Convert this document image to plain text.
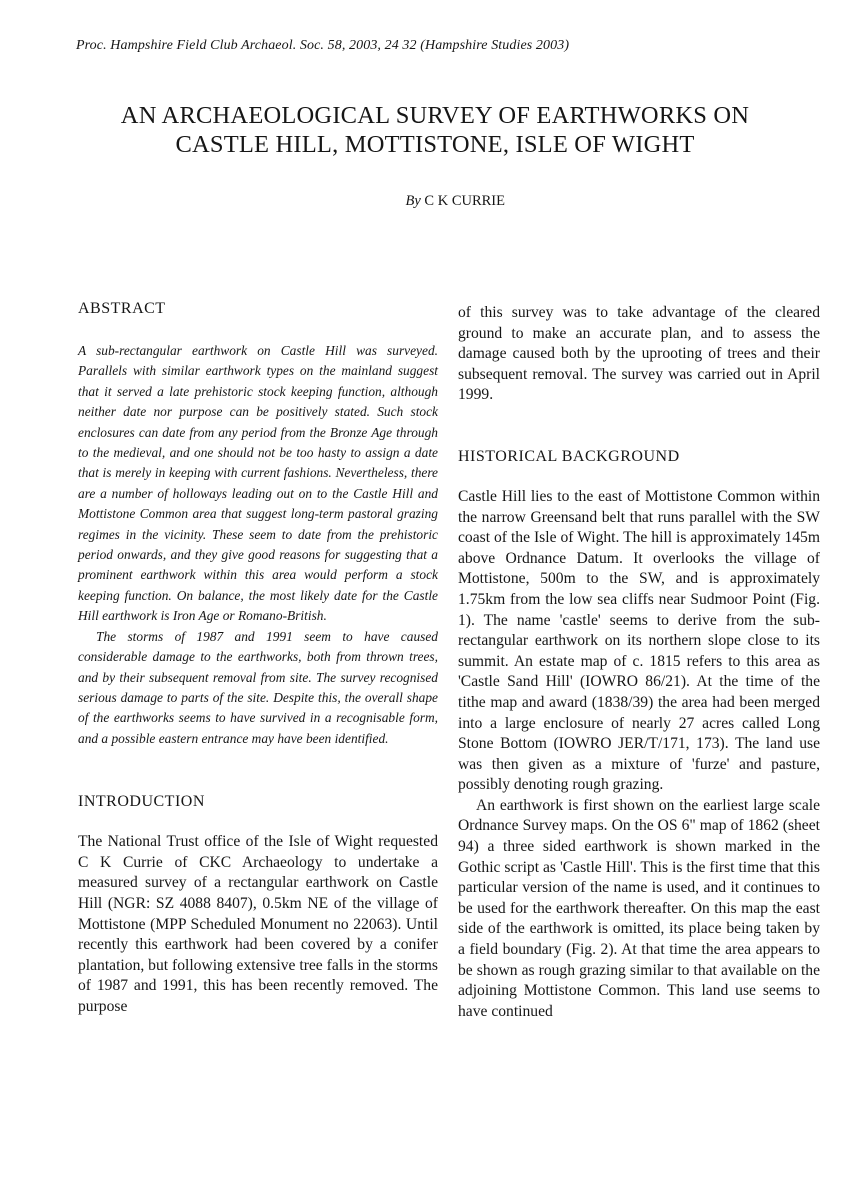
Proc. Hampshire Field Club Archaeol. Soc. 58, 2003, 24 32 (Hampshire Studies 2003)
AN ARCHAEOLOGICAL SURVEY OF EARTHWORKS ON
CASTLE HILL, MOTTISTONE, ISLE OF WIGHT
By C K CURRIE
ABSTRACT

A sub-rectangular earthwork on Castle Hill was surveyed. Parallels with similar earthwork types on the mainland suggest that it served a late prehistoric stock keeping function, although neither date nor purpose can be positively stated. Such stock enclosures can date from any period from the Bronze Age through to the medieval, and one should not be too hasty to assign a date that is merely in keeping with current fashions. Nevertheless, there are a number of holloways leading out on to the Castle Hill and Mottistone Common area that suggest long-term pastoral grazing regimes in the vicinity. These seem to date from the prehistoric period onwards, and they give good reasons for suggesting that a prominent earthwork within this area would perform a stock keeping function. On balance, the most likely date for the Castle Hill earthwork is Iron Age or Romano-British.

The storms of 1987 and 1991 seem to have caused considerable damage to the earthworks, both from thrown trees, and by their subsequent removal from site. The survey recognised serious damage to parts of the site. Despite this, the overall shape of the earthworks seems to have survived in a recognisable form, and a possible eastern entrance may have been identified.

INTRODUCTION

The National Trust office of the Isle of Wight requested C K Currie of CKC Archaeology to undertake a measured survey of a rectangular earthwork on Castle Hill (NGR: SZ 4088 8407), 0.5km NE of the village of Mottistone (MPP Scheduled Monument no 22063). Until recently this earthwork had been covered by a conifer plantation, but following extensive tree falls in the storms of 1987 and 1991, this has been recently removed. The purpose

of this survey was to take advantage of the cleared ground to make an accurate plan, and to assess the damage caused both by the uprooting of trees and their subsequent removal. The survey was carried out in April 1999.

HISTORICAL BACKGROUND

Castle Hill lies to the east of Mottistone Common within the narrow Greensand belt that runs parallel with the SW coast of the Isle of Wight. The hill is approximately 145m above Ordnance Datum. It overlooks the village of Mottistone, 500m to the SW, and is approximately 1.75km from the low sea cliffs near Sudmoor Point (Fig. 1). The name 'castle' seems to derive from the sub-rectangular earthwork on its northern slope close to its summit. An estate map of c. 1815 refers to this area as 'Castle Sand Hill' (IOWRO 86/21). At the time of the tithe map and award (1838/39) the area had been merged into a large enclosure of nearly 27 acres called Long Stone Bottom (IOWRO JER/T/171, 173). The land use was then given as a mixture of 'furze' and pasture, possibly denoting rough grazing.

An earthwork is first shown on the earliest large scale Ordnance Survey maps. On the OS 6" map of 1862 (sheet 94) a three sided earthwork is shown marked in the Gothic script as 'Castle Hill'. This is the first time that this particular version of the name is used, and it continues to be used for the earthwork thereafter. On this map the east side of the earthwork is omitted, its place being taken by a field boundary (Fig. 2). At that time the area appears to be shown as rough grazing similar to that available on the adjoining Mottistone Common. This land use seems to have continued
